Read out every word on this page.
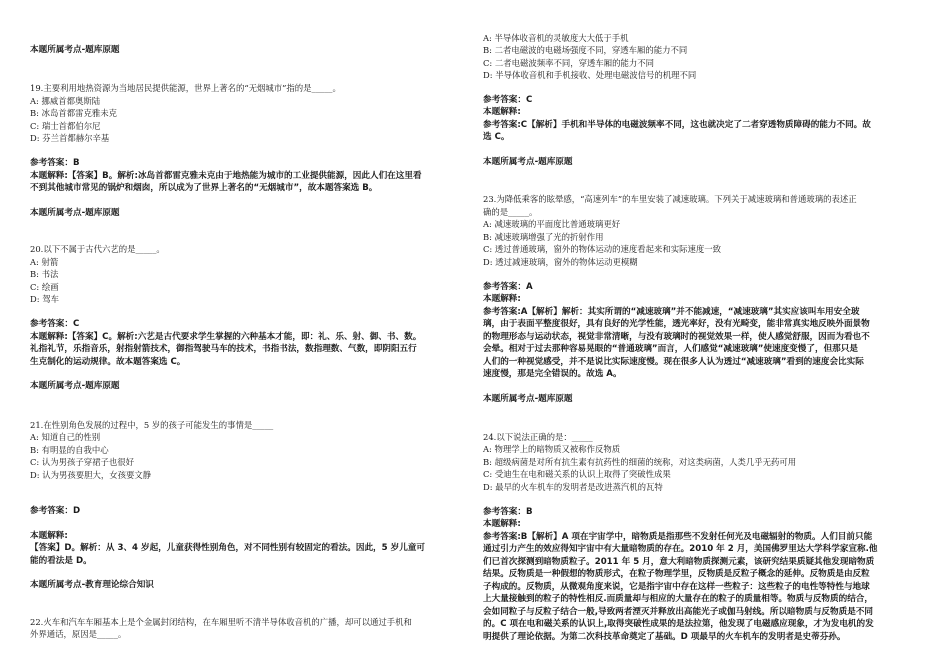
本题所属考点-题库原题
19.主要利用地热资源为当地居民提供能源，世界上著名的“无烟城市”指的是_____。
A: 挪威首都奥斯陆
B: 冰岛首都雷克雅未克
C: 瑞士首都伯尔尼
D: 芬兰首都赫尔辛基
参考答案：B
本题解释:【答案】B。解析:冰岛首都雷克雅未克由于地热能为城市的工业提供能源，因此人们在这里看
不到其他城市常见的锅炉和烟囱，所以成为了世界上著名的“无烟城市”，故本题答案选 B。
本题所属考点-题库原题
20.以下不属于古代六艺的是_____。
A: 射箭
B: 书法
C: 绘画
D: 驾车
参考答案：C
本题解释:【答案】C。解析:六艺是古代要求学生掌握的六种基本才能，即：礼、乐、射、御、书、数。
礼指礼节，乐指音乐，射指射箭技术，御指驾驶马车的技术，书指书法，数指理数、气数，即阴阳五行
生克制化的运动规律。故本题答案选 C。
本题所属考点-题库原题
21.在性别角色发展的过程中，5 岁的孩子可能发生的事情是_____
A: 知道自己的性别
B: 有明显的自我中心
C: 认为男孩子穿裙子也很好
D: 认为男孩要胆大，女孩要文静
参考答案：D
本题解释:
【答案】D。解析：从 3、4 岁起，儿童获得性别角色，对不同性别有较固定的看法。因此，5 岁儿童可
能的看法是 D。
本题所属考点-教育理论综合知识
22.火车和汽车车厢基本上是个金属封闭结构，在车厢里听不清半导体收音机的广播，却可以通过手机和
外界通话，原因是_____。
A: 半导体收音机的灵敏度大大低于手机
B: 二者电磁波的电磁场强度不同，穿透车厢的能力不同
C: 二者电磁波频率不同，穿透车厢的能力不同
D: 半导体收音机和手机接收、处理电磁波信号的机理不同
参考答案：C
本题解释:
参考答案:C【解析】手机和半导体的电磁波频率不同，这也就决定了二者穿透物质障碍的能力不同。故
选 C。
本题所属考点-题库原题
23.为降低乘客的眩晕感，“高速列车”的车里安装了减速玻璃。下列关于减速玻璃和普通玻璃的表述正
确的是_____。
A: 减速玻璃的平面度比普通玻璃更好
B: 减速玻璃增强了光的折射作用
C: 透过普通玻璃，窗外的物体运动的速度看起来和实际速度一致
D: 透过减速玻璃，窗外的物体运动更模糊
参考答案：A
本题解释:
参考答案:A【解析】解析：其实所谓的“减速玻璃”并不能减速，“减速玻璃”其实应该叫车用安全玻
璃，由于表面平整度很好，具有良好的光学性能，透光率好，没有光畸变，能非常真实地反映外面景物
的物理形态与运动状态，视觉非常清晰，与没有玻璃时的视觉效果一样，使人感觉舒服，因而为看也不
会晕。相对于过去那种容易晃眼的“普通玻璃”而言，人们感觉“减速玻璃”使速度变慢了，但那只是
人们的一种视觉感受，并不是说比实际速度慢。现在很多人认为透过“减速玻璃”看到的速度会比实际
速度慢，那是完全错误的。故选 A。
本题所属考点-题库原题
24.以下说法正确的是：_____
A: 物理学上的暗物质又被称作反物质
B: 超级病菌是对所有抗生素有抗药性的细菌的统称，对这类病菌，人类几乎无药可用
C: 受迪生在电和磁关系的认识上取得了突破性成果
D: 最早的火车机车的发明者是改进蒸汽机的瓦特
参考答案：B
本题解释:
参考答案:B【解析】A 项在宇宙学中，暗物质是指那些不发射任何光及电磁辐射的物质。人们目前只能
通过引力产生的效应得知宇宙中有大量暗物质的存在。2010 年 2 月，美国佛罗里达大学科学家宣称.他
们已首次探测到暗物质粒子。2011 年 5 月，意大利暗物质探测元素，该研究结果质疑其他发现暗物质
结果。反物质是一种假想的物质形式，在粒子物理学里，反物质是反粒子概念的延伸。反物质是由反粒
子构成的。反物质，从微观角度来说，它是指宇宙中存在这样一些粒子：这些粒子的电性等特性与地球
上大量接触到的粒子的特性相反.而质量却与相应的大量存在的粒子的质量相等。物质与反物质的结合，
会如同粒子与反粒子结合一般,导致两者湮灭并释放出高能光子或伽马射线。所以暗物质与反物质是不同
的。C 项在电和磁关系的认识上,取得突破性成果的是法拉第，他发现了电磁感应现象，才为发电机的发
明提供了理论依据。为第二次科技革命奠定了基础。D 项最早的火车机车的发明者是史蒂芬孙。
